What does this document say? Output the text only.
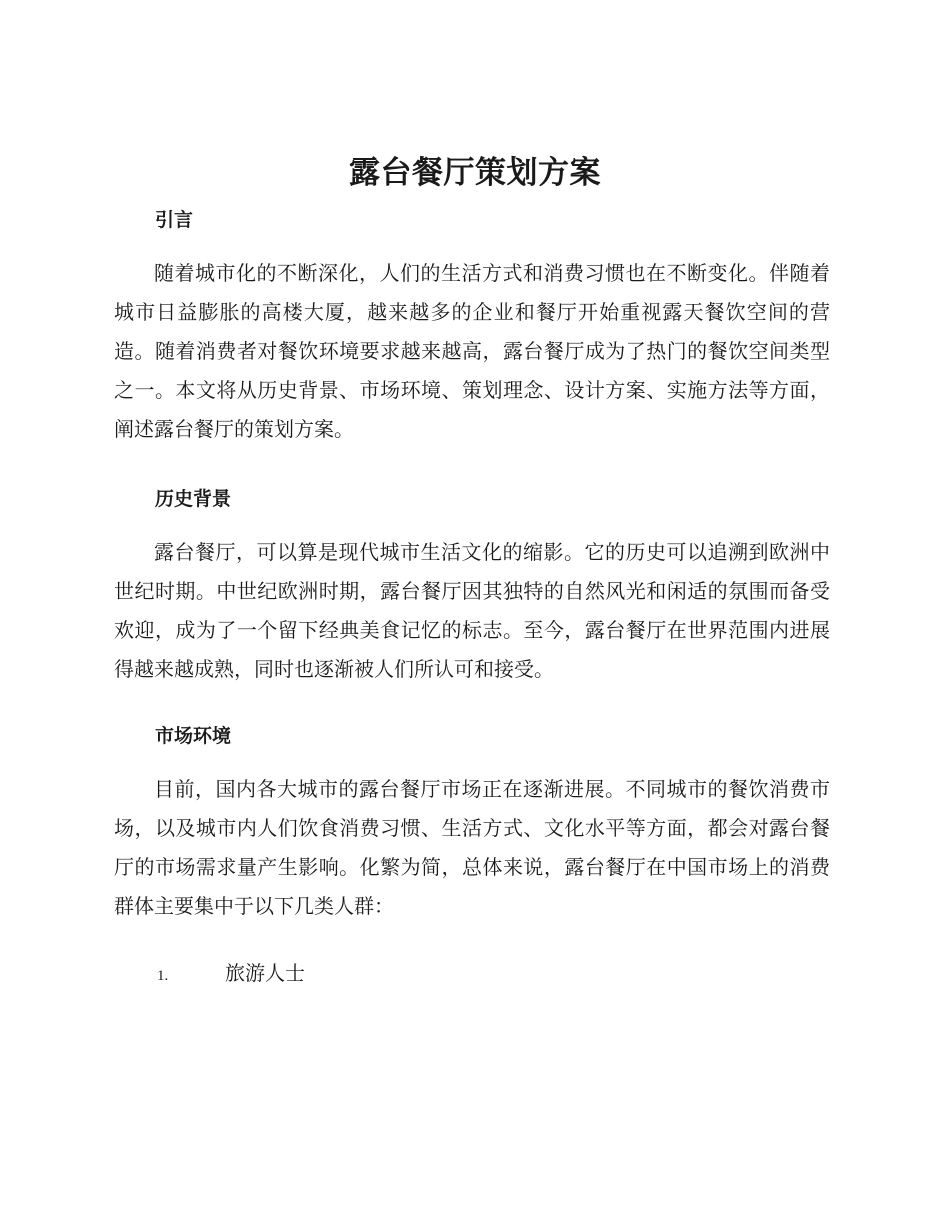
露台餐厅策划方案
引言

随着城市化的不断深化，人们的生活方式和消费习惯也在不断变化。伴随着城市日益膨胀的高楼大厦，越来越多的企业和餐厅开始重视露天餐饮空间的营造。随着消费者对餐饮环境要求越来越高，露台餐厅成为了热门的餐饮空间类型之一。本文将从历史背景、市场环境、策划理念、设计方案、实施方法等方面，阐述露台餐厅的策划方案。

历史背景

露台餐厅，可以算是现代城市生活文化的缩影。它的历史可以追溯到欧洲中世纪时期。中世纪欧洲时期，露台餐厅因其独特的自然风光和闲适的氛围而备受欢迎，成为了一个留下经典美食记忆的标志。至今，露台餐厅在世界范围内进展得越来越成熟，同时也逐渐被人们所认可和接受。

市场环境

目前，国内各大城市的露台餐厅市场正在逐渐进展。不同城市的餐饮消费市场，以及城市内人们饮食消费习惯、生活方式、文化水平等方面，都会对露台餐厅的市场需求量产生影响。化繁为简，总体来说，露台餐厅在中国市场上的消费群体主要集中于以下几类人群：

1.	旅游人士
